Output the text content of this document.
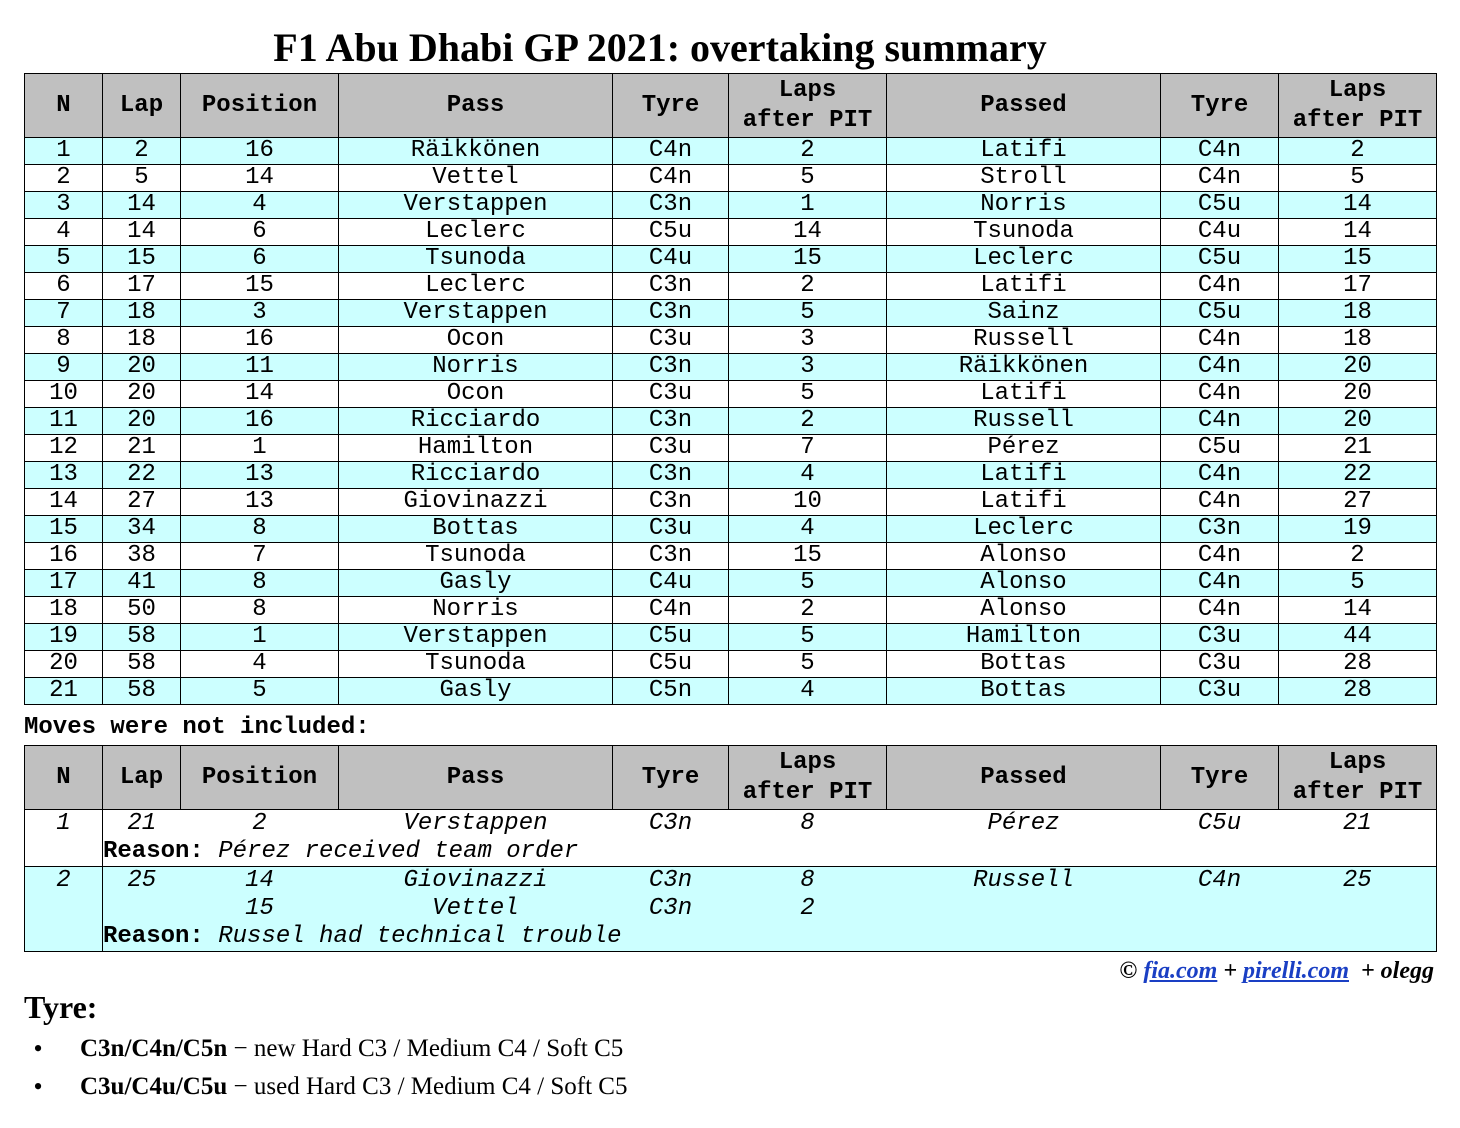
F1 Abu Dhabi GP 2021: overtaking summary
N	Lap	Position	Pass	Tyre	Laps
after PIT	Passed	Tyre	Laps
after PIT
1	2	16	Räikkönen	C4n	2	Latifi	C4n	2
2	5	14	Vettel	C4n	5	Stroll	C4n	5
3	14	4	Verstappen	C3n	1	Norris	C5u	14
4	14	6	Leclerc	C5u	14	Tsunoda	C4u	14
5	15	6	Tsunoda	C4u	15	Leclerc	C5u	15
6	17	15	Leclerc	C3n	2	Latifi	C4n	17
7	18	3	Verstappen	C3n	5	Sainz	C5u	18
8	18	16	Ocon	C3u	3	Russell	C4n	18
9	20	11	Norris	C3n	3	Räikkönen	C4n	20
10	20	14	Ocon	C3u	5	Latifi	C4n	20
11	20	16	Ricciardo	C3n	2	Russell	C4n	20
12	21	1	Hamilton	C3u	7	Pérez	C5u	21
13	22	13	Ricciardo	C3n	4	Latifi	C4n	22
14	27	13	Giovinazzi	C3n	10	Latifi	C4n	27
15	34	8	Bottas	C3u	4	Leclerc	C3n	19
16	38	7	Tsunoda	C3n	15	Alonso	C4n	2
17	41	8	Gasly	C4u	5	Alonso	C4n	5
18	50	8	Norris	C4n	2	Alonso	C4n	14
19	58	1	Verstappen	C5u	5	Hamilton	C3u	44
20	58	4	Tsunoda	C5u	5	Bottas	C3u	28
21	58	5	Gasly	C5n	4	Bottas	C3u	28
Moves were not included:
N	Lap	Position	Pass	Tyre	Laps
after PIT	Passed	Tyre	Laps
after PIT
1	21	2	Verstappen	C3n	8	Pérez	C5u	21
	Reason: Pérez received team order							
2	25	14	Giovinazzi	C3n	8	Russell	C4n	25
		15	Vettel	C3n	2			
	Reason: Russel had technical trouble							
© fia.com + pirelli.com + olegg
Tyre:
• C3n/C4n/C5n − new Hard C3 / Medium C4 / Soft C5
• C3u/C4u/C5u − used Hard C3 / Medium C4 / Soft C5
